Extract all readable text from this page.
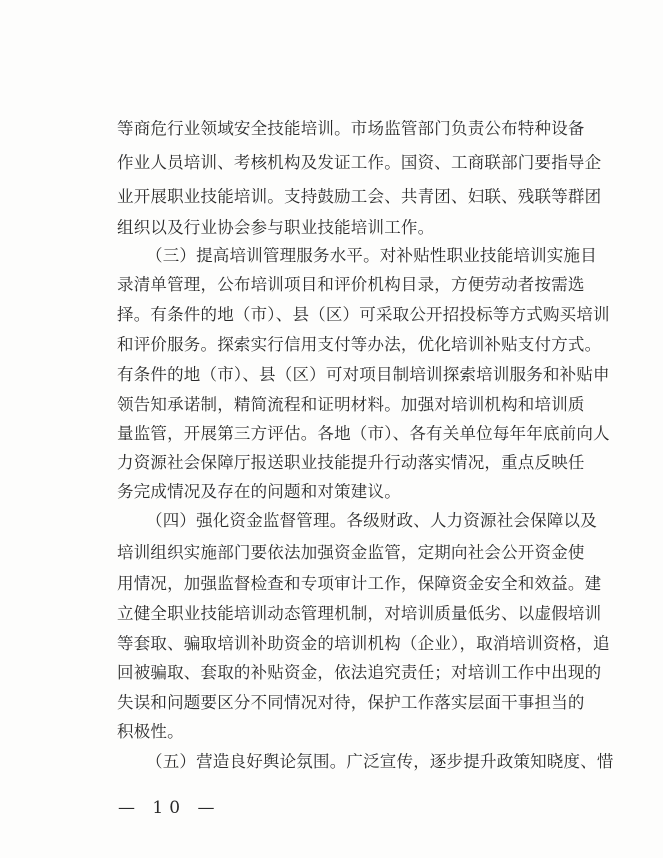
等商危行业领域安全技能培训。市场监管部门负责公布特种设备
作业人员培训、考核机构及发证工作。国资、工商联部门要指导企
业开展职业技能培训。支持鼓励工会、共青团、妇联、残联等群团
组织以及行业协会参与职业技能培训工作。
（三）提高培训管理服务水平。对补贴性职业技能培训实施目
录清单管理，公布培训项目和评价机构目录，方便劳动者按需选
择。有条件的地（市）、县（区）可采取公开招投标等方式购买培训
和评价服务。探索实行信用支付等办法，优化培训补贴支付方式。
有条件的地（市）、县（区）可对项目制培训探索培训服务和补贴申
领告知承诺制，精简流程和证明材料。加强对培训机构和培训质
量监管，开展第三方评估。各地（市）、各有关单位每年年底前向人
力资源社会保障厅报送职业技能提升行动落实情况，重点反映任
务完成情况及存在的问题和对策建议。
（四）强化资金监督管理。各级财政、人力资源社会保障以及
培训组织实施部门要依法加强资金监管，定期向社会公开资金使
用情况，加强监督检查和专项审计工作，保障资金安全和效益。建
立健全职业技能培训动态管理机制，对培训质量低劣、以虚假培训
等套取、骗取培训补助资金的培训机构（企业），取消培训资格，追
回被骗取、套取的补贴资金，依法追究责任；对培训工作中出现的
失误和问题要区分不同情况对待，保护工作落实层面干事担当的
积极性。
（五）营造良好舆论氛围。广泛宣传，逐步提升政策知晓度、惜
— 10 —
